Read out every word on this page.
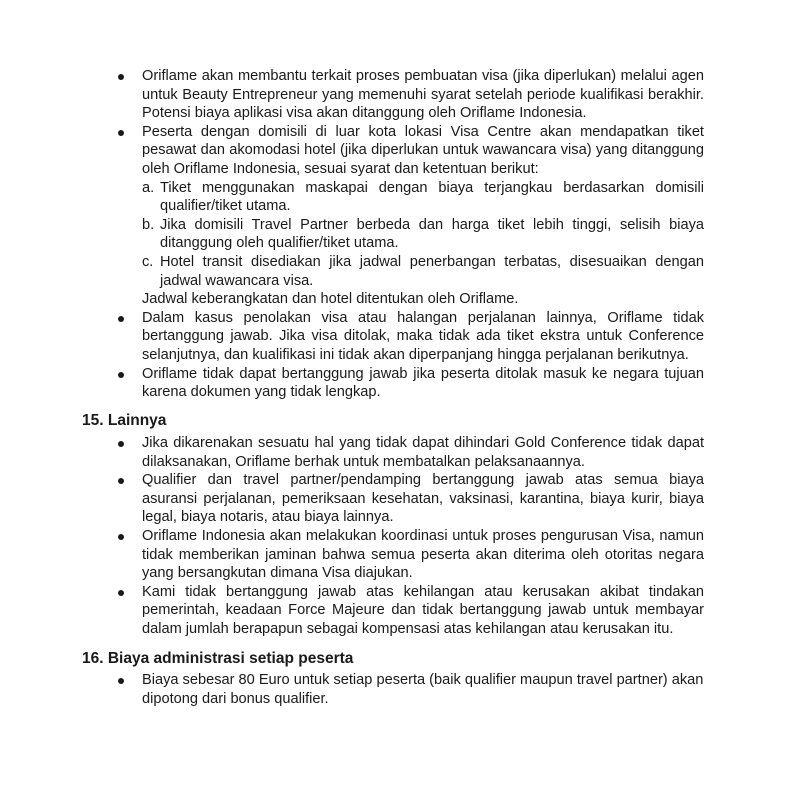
Oriflame akan membantu terkait proses pembuatan visa (jika diperlukan) melalui agen untuk Beauty Entrepreneur yang memenuhi syarat setelah periode kualifikasi berakhir. Potensi biaya aplikasi visa akan ditanggung oleh Oriflame Indonesia.
Peserta dengan domisili di luar kota lokasi Visa Centre akan mendapatkan tiket pesawat dan akomodasi hotel (jika diperlukan untuk wawancara visa) yang ditanggung oleh Oriflame Indonesia, sesuai syarat dan ketentuan berikut:
a. Tiket menggunakan maskapai dengan biaya terjangkau berdasarkan domisili qualifier/tiket utama.
b. Jika domisili Travel Partner berbeda dan harga tiket lebih tinggi, selisih biaya ditanggung oleh qualifier/tiket utama.
c. Hotel transit disediakan jika jadwal penerbangan terbatas, disesuaikan dengan jadwal wawancara visa.
Jadwal keberangkatan dan hotel ditentukan oleh Oriflame.
Dalam kasus penolakan visa atau halangan perjalanan lainnya, Oriflame tidak bertanggung jawab. Jika visa ditolak, maka tidak ada tiket ekstra untuk Conference selanjutnya, dan kualifikasi ini tidak akan diperpanjang hingga perjalanan berikutnya.
Oriflame tidak dapat bertanggung jawab jika peserta ditolak masuk ke negara tujuan karena dokumen yang tidak lengkap.
15. Lainnya
Jika dikarenakan sesuatu hal yang tidak dapat dihindari Gold Conference tidak dapat dilaksanakan, Oriflame berhak untuk membatalkan pelaksanaannya.
Qualifier dan travel partner/pendamping bertanggung jawab atas semua biaya asuransi perjalanan, pemeriksaan kesehatan, vaksinasi, karantina, biaya kurir, biaya legal, biaya notaris, atau biaya lainnya.
Oriflame Indonesia akan melakukan koordinasi untuk proses pengurusan Visa, namun tidak memberikan jaminan bahwa semua peserta akan diterima oleh otoritas negara yang bersangkutan dimana Visa diajukan.
Kami tidak bertanggung jawab atas kehilangan atau kerusakan akibat tindakan pemerintah, keadaan Force Majeure dan tidak bertanggung jawab untuk membayar dalam jumlah berapapun sebagai kompensasi atas kehilangan atau kerusakan itu.
16. Biaya administrasi setiap peserta
Biaya sebesar 80 Euro untuk setiap peserta (baik qualifier maupun travel partner) akan dipotong dari bonus qualifier.
